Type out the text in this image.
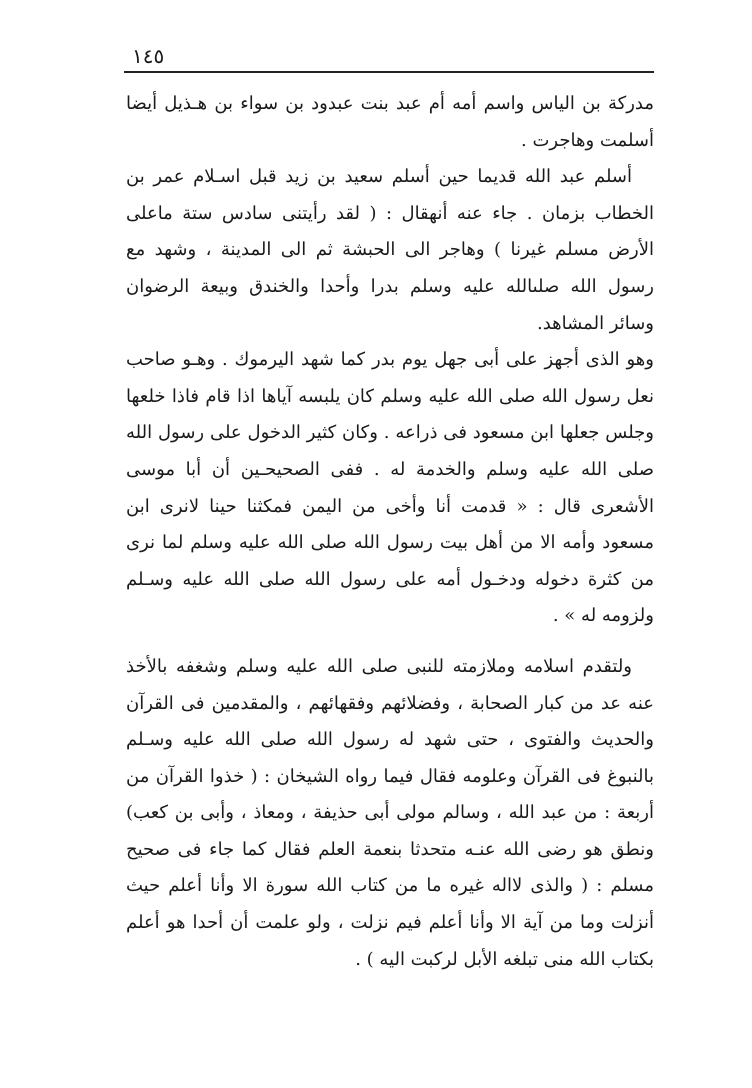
١٤٥

مدركة بن الياس واسم أمه أم عبد بنت عبدود بن سواء بن هـذيل أيضا أسلمت وهاجرت .

أسلم عبد الله قديما حين أسلم سعيد بن زيد قبل اسـلام عمر بن الخطاب بزمان . جاء عنه أنهقال : ( لقد رأيتنى سادس ستة ماعلى الأرض مسلم غيرنا ) وهاجر الى الحبشة ثم الى المدينة ، وشهد مع رسول الله صلىالله عليه وسلم بدرا وأحدا والخندق وبيعة الرضوان وسائر المشاهد.

وهو الذى أجهز على أبى جهل يوم بدر كما شهد اليرموك . وهـو صاحب نعل رسول الله صلى الله عليه وسلم كان يلبسه آياها اذا قام فاذا خلعها وجلس جعلها ابن مسعود فى ذراعه . وكان كثير الدخول على رسول الله صلى الله عليه وسلم والخدمة له . ففى الصحيحـين أن أبا موسى الأشعرى قال : « قدمت أنا وأخى من اليمن فمكثنا حينا لانرى ابن مسعود وأمه الا من أهل بيت رسول الله صلى الله عليه وسلم لما نرى من كثرة دخوله ودخـول أمه على رسول الله صلى الله عليه وسـلم ولزومه له » .

ولتقدم اسلامه وملازمته للنبى صلى الله عليه وسلم وشغفه بالأخذ عنه عد من كبار الصحابة ، وفضلائهم وفقهائهم ، والمقدمين فى القرآن والحديث والفتوى ، حتى شهد له رسول الله صلى الله عليه وسـلم بالنبوغ فى القرآن وعلومه فقال فيما رواه الشيخان : ( خذوا القرآن من أربعة : من عبد الله ، وسالم مولى أبى حذيفة ، ومعاذ ، وأبى بن كعب) ونطق هو رضى الله عنـه متحدثا بنعمة العلم فقال كما جاء فى صحيح مسلم : ( والذى لااله غيره ما من كتاب الله سورة الا وأنا أعلم حيث أنزلت وما من آية الا وأنا أعلم فيم نزلت ، ولو علمت أن أحدا هو أعلم بكتاب الله منى تبلغه الأبل لركبت اليه ) .
